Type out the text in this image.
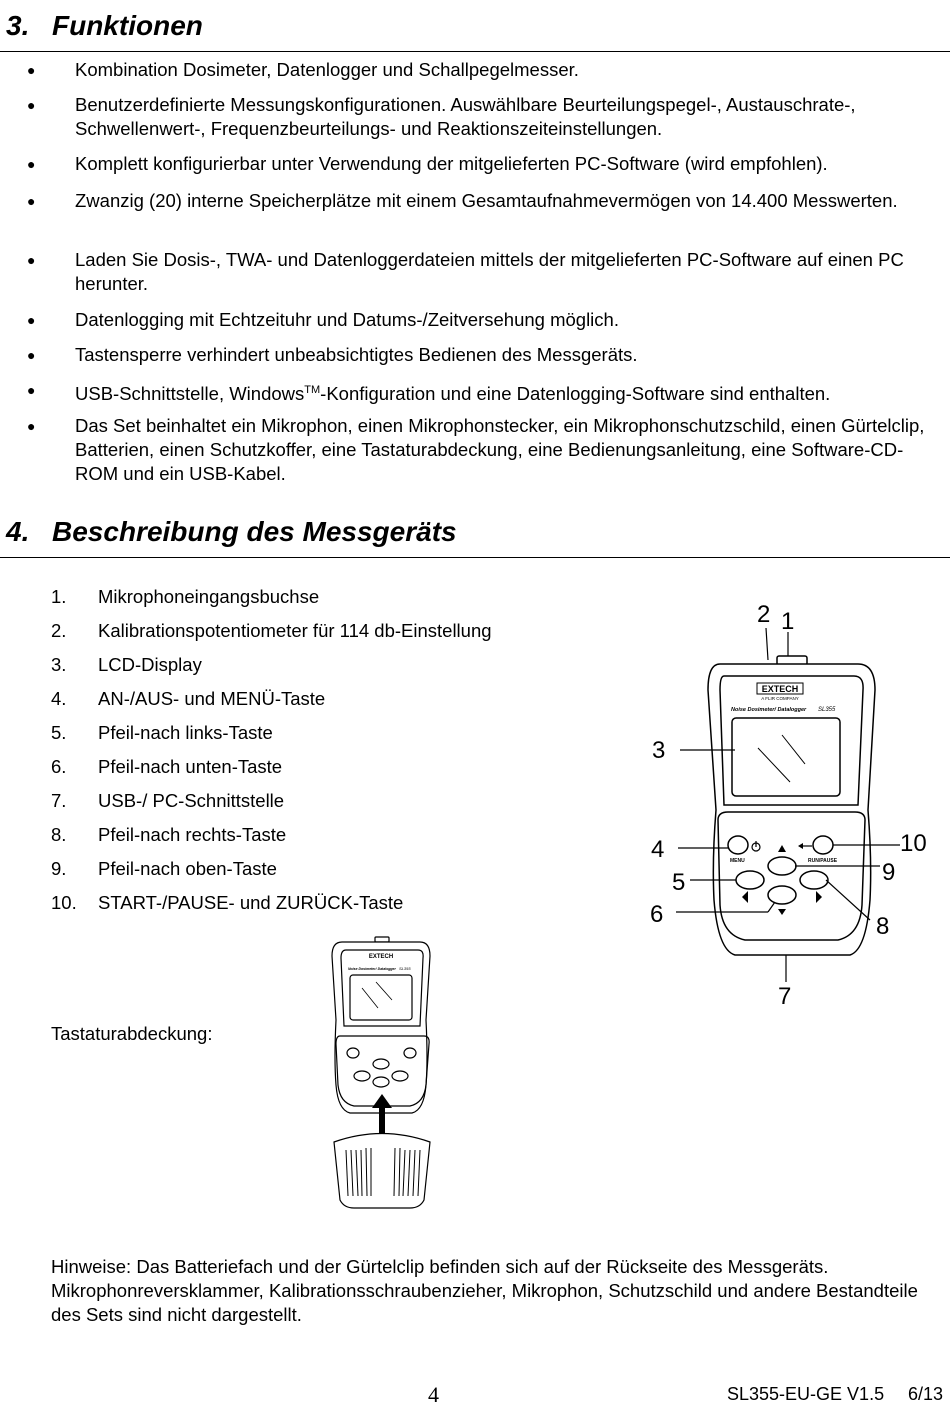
3. Funktionen
● Kombination Dosimeter, Datenlogger und Schallpegelmesser.
● Benutzerdefinierte Messungskonfigurationen. Auswählbare Beurteilungspegel-, Austauschrate-, Schwellenwert-, Frequenzbeurteilungs- und Reaktionszeiteinstellungen.
● Komplett konfigurierbar unter Verwendung der mitgelieferten PC-Software (wird empfohlen).
● Zwanzig (20) interne Speicherplätze mit einem Gesamtaufnahmevermögen von 14.400 Messwerten.
● Laden Sie Dosis-, TWA- und Datenloggerdateien mittels der mitgelieferten PC-Software auf einen PC herunter.
● Datenlogging mit Echtzeituhr und Datums-/Zeitversehung möglich.
● Tastensperre verhindert unbeabsichtigtes Bedienen des Messgeräts.
● USB-Schnittstelle, Windows™-Konfiguration und eine Datenlogging-Software sind enthalten.
● Das Set beinhaltet ein Mikrophon, einen Mikrophonstecker, ein Mikrophonschutzschild, einen Gürtelclip, Batterien, einen Schutzkoffer, eine Tastaturabdeckung, eine Bedienungsanleitung, eine Software-CD-ROM und ein USB-Kabel.
4. Beschreibung des Messgeräts
1. Mikrophoneingangsbuchse
2. Kalibrationspotentiometer für 114 db-Einstellung
3. LCD-Display
4. AN-/AUS- und MENÜ-Taste
5. Pfeil-nach links-Taste
6. Pfeil-nach unten-Taste
7. USB-/ PC-Schnittstelle
8. Pfeil-nach rechts-Taste
9. Pfeil-nach oben-Taste
10. START-/PAUSE- und ZURÜCK-Taste
EXTECH
A FLIR COMPANY
Noise Dosimeter/ Datalogger SL355
MENU	RUN/PAUSE
1
2
3
4
5
6
7
8
9
10
Tastaturabdeckung:
EXTECH
Noise Dosimeter/ Datalogger SL355
Hinweise: Das Batteriefach und der Gürtelclip befinden sich auf der Rückseite des Messgeräts. Mikrophonreversklammer, Kalibrationsschraubenzieher, Mikrophon, Schutzschild und andere Bestandteile des Sets sind nicht dargestellt.
4	SL355-EU-GE V1.5 6/13
